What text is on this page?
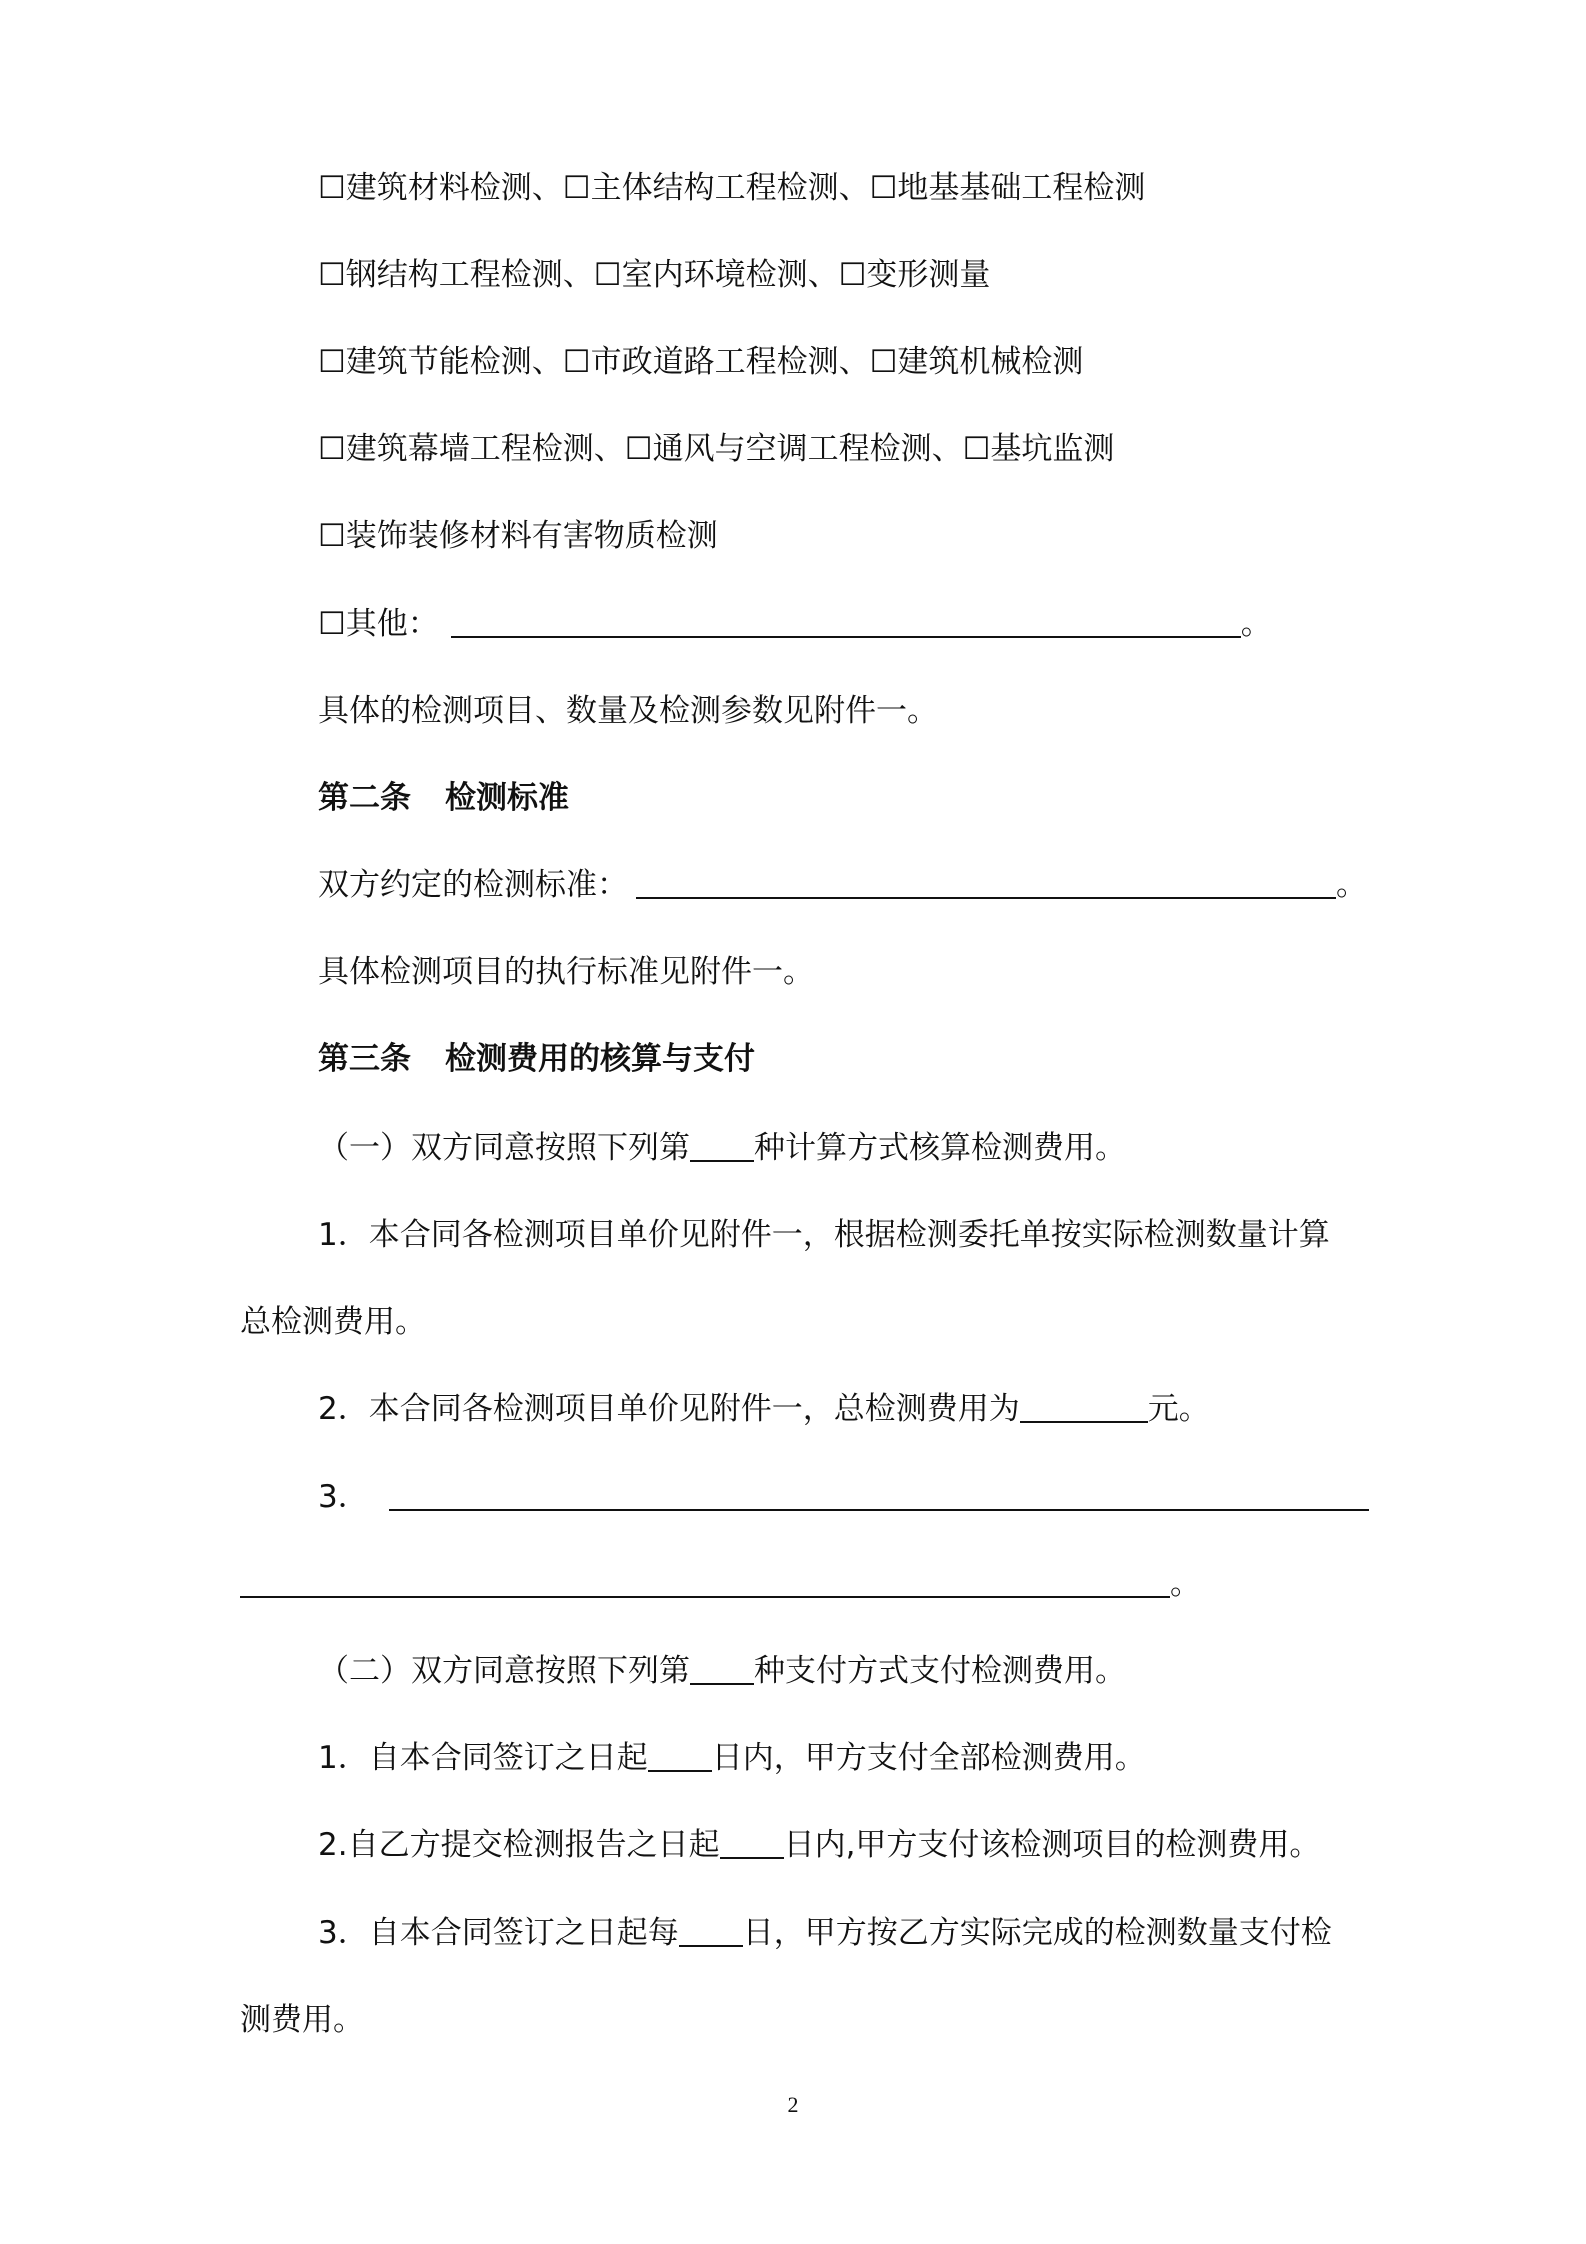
☐建筑材料检测、☐主体结构工程检测、☐地基基础工程检测
☐钢结构工程检测、☐室内环境检测、☐变形测量
☐建筑节能检测、☐市政道路工程检测、☐建筑机械检测
☐建筑幕墙工程检测、☐通风与空调工程检测、☐基坑监测
☐装饰装修材料有害物质检测
☐其他：	。
具体的检测项目、数量及检测参数见附件一。
第二条 检测标准
双方约定的检测标准：	。
具体检测项目的执行标准见附件一。
第三条 检测费用的核算与支付
（一）双方同意按照下列第 种计算方式核算检测费用。
1．本合同各检测项目单价见附件一，根据检测委托单按实际检测数量计算
总检测费用。
2．本合同各检测项目单价见附件一，总检测费用为	元。
3．
。
（二）双方同意按照下列第 种支付方式支付检测费用。
1．自本合同签订之日起 日内，甲方支付全部检测费用。
2.自乙方提交检测报告之日起 日内,甲方支付该检测项目的检测费用。
3．自本合同签订之日起每 日，甲方按乙方实际完成的检测数量支付检
测费用。
2
